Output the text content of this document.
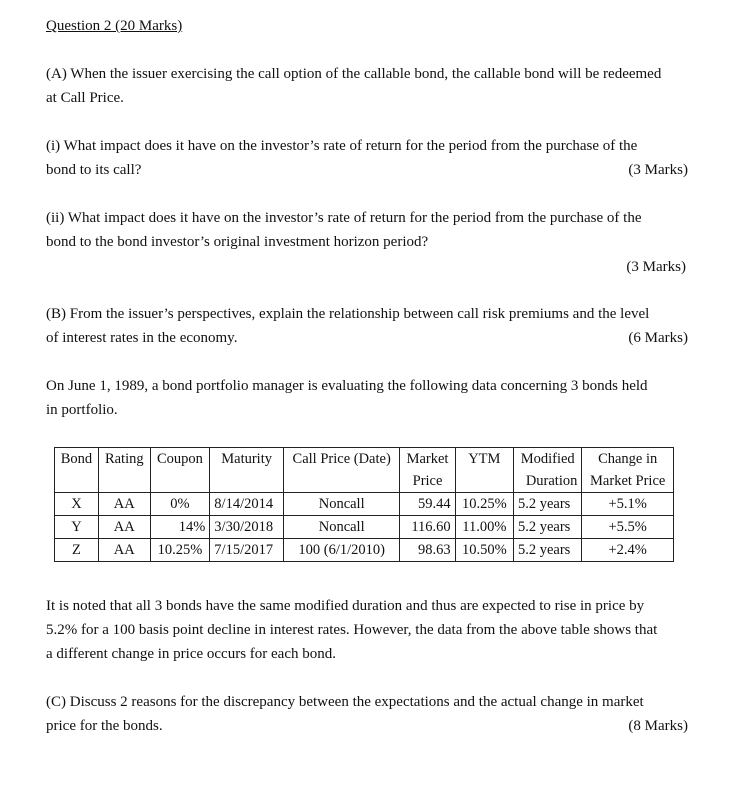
Question 2 (20 Marks)
(A) When the issuer exercising the call option of the callable bond, the callable bond will be redeemed
at Call Price.
(i) What impact does it have on the investor’s rate of return for the period from the purchase of the
bond to its call?	(3 Marks)
(ii) What impact does it have on the investor’s rate of return for the period from the purchase of the
bond to the bond investor’s original investment horizon period?
(3 Marks)
(B) From the issuer’s perspectives, explain the relationship between call risk premiums and the level
of interest rates in the economy.	(6 Marks)
On June 1, 1989, a bond portfolio manager is evaluating the following data concerning 3 bonds held
in portfolio.
Bond	Rating	Coupon	Maturity	Call Price (Date)	Market	YTM	Modified	Change in
					Price		Duration	Market Price
X	AA	0%	8/14/2014	Noncall	59.44	10.25%	5.2 years	+5.1%
Y	AA	14%	3/30/2018	Noncall	116.60	11.00%	5.2 years	+5.5%
Z	AA	10.25%	7/15/2017	100 (6/1/2010)	98.63	10.50%	5.2 years	+2.4%
It is noted that all 3 bonds have the same modified duration and thus are expected to rise in price by
5.2% for a 100 basis point decline in interest rates. However, the data from the above table shows that
a different change in price occurs for each bond.
(C) Discuss 2 reasons for the discrepancy between the expectations and the actual change in market
price for the bonds.	(8 Marks)
